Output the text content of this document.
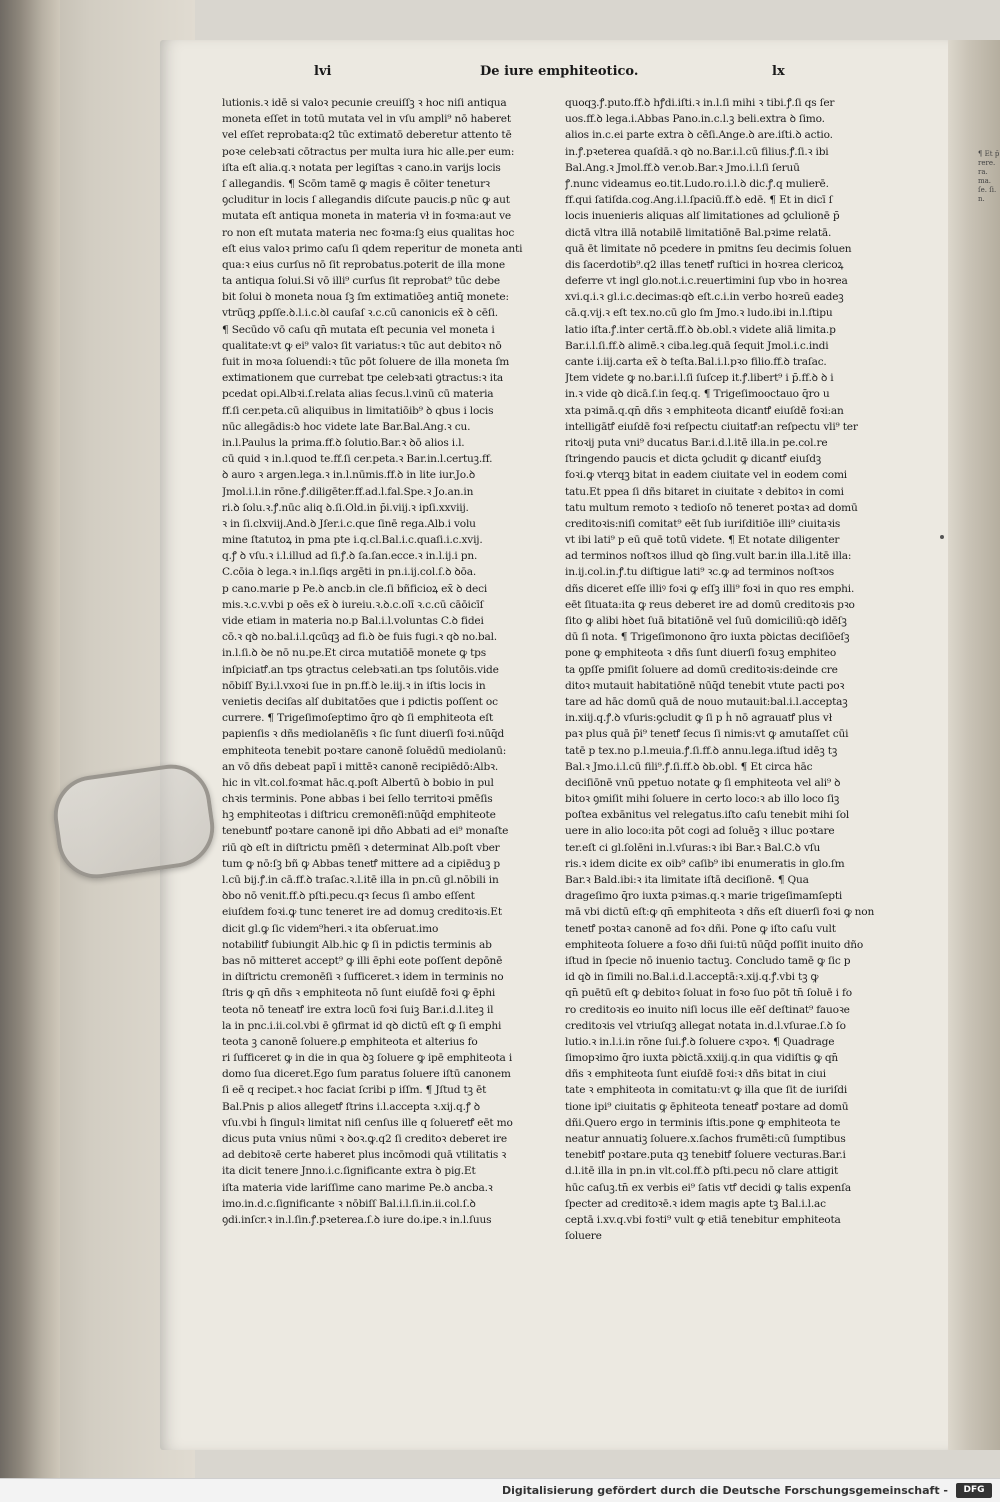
¶ Et p̄ rere. ra. ma. ſe. ſi. n.
lvi	De iure emphiteotico.	lx
lutionis.ꝛ idē si valoꝛ pecunie creuiſſꝫ ꝛ hoc niſi antiqua
moneta eſſet in totū mutata vel in vſu ampli⁹ nō haberet
vel eſſet reprobata:q2 tūc extimatō deberetur attento tē
poꝛe celebꝛati cōtractus per multa iura hic alle.per eum:
iſta eſt alia.q.ꝛ notata per legiſtas ꝛ cano.in varijs locis
ſ allegandis. ¶ Scōm tamē ꝙ magis ē cōiter teneturꝛ
ꝯcluditur in locis ſ allegandis diſcute paucis.ꝑ nūc ꝙ aut
mutata eſt antiqua moneta in materia vł in foꝛma:aut ve
ro non eſt mutata materia nec foꝛma:ſꝫ eius qualitas hoc
eſt eius valoꝛ primo caſu ſi qdem reperitur de moneta anti
qua:ꝛ eius curſus nō ſit reprobatus.poterit de illa mone
ta antiqua ſolui.Si vō illi⁹ curſus ſit reprobat⁹ tūc debe
bit ſolui ꝺ moneta noua ſꝫ ſm extimatiōeꝫ antiq̄ monete:
vtrūqꝫ ꝓpſſe.ꝺ.l.i.c.ꝺl cauſaſ ꝛ.c.cū canonicis ex̄ ꝺ cēſi.
¶ Secūdo vō caſu qn̄ mutata eſt pecunia vel moneta i
qualitate:vt ꝙ ei⁹ valoꝛ ſit variatus:ꝛ tūc aut debitoꝛ nō
fuit in moꝛa ſoluendi:ꝛ tūc pōt ſoluere de illa moneta ſm
extimationem que currebat tpe celebꝛati ꝯtractus:ꝛ ita
pcedat opi.Albꝛi.ſ.relata alias ſecus.l.vinū cū materia
ff.ſi cer.peta.cū aliquibus in limitatiōib⁹ ꝺ qbus i locis
nūc allegādis:ꝺ hoc videte late Bar.Bal.Ang.ꝛ cu.
in.l.Paulus la prima.ff.ꝺ ſolutio.Bar.ꝛ ꝺō alios i.l.
cū quid ꝛ in.l.quod te.ff.ſi cer.peta.ꝛ Bar.in.l.certuꝫ.ff.
ꝺ auro ꝛ argen.lega.ꝛ in.l.nūmis.ff.ꝺ in lite iur.Jo.ꝺ
Jmol.i.l.in rōne.ꝭ.diligēter.ff.ad.l.fal.Spe.ꝛ Jo.an.in
ri.ꝺ ſolu.ꝛ.ꝭ.nūc aliq ꝺ.ſi.Old.in p̄i.viij.ꝛ ipſi.xxviij.
ꝛ in ſi.clxviij.And.ꝺ Jſer.i.c.que ſinē rega.Alb.i volu
mine ſtatutoꝝ in pma pte i.q.cl.Bal.i.c.quaſi.i.c.xvij.
q.ꝭ ꝺ vſu.ꝛ i.l.illud ad ſi.ꝭ.ꝺ ſa.ſan.ecce.ꝛ in.l.ij.i pn.
C.cōia ꝺ lega.ꝛ in.l.ſiqs argēti in pn.i.ij.col.ſ.ꝺ ꝺōa.
p cano.marie p Pe.ꝺ ancb.in cle.ſi bñficioꝝ ex̄ ꝺ deci
mis.ꝛ.c.v.vbi p oēs ex̄ ꝺ iureiu.ꝛ.ꝺ.c.olī ꝛ.c.cū cāōicīſ
vide etiam in materia no.p Bal.i.l.voluntas C.ꝺ fidei
cō.ꝛ qꝺ no.bal.i.l.qcūqꝫ ad fi.ꝺ ꝺe fuis fugi.ꝛ qꝺ no.bal.
in.l.ſi.ꝺ ꝺe nō nu.pe.Et circa mutatiōē monete ꝙ tps
inſpiciaꝷ.an tps ꝯtractus celebꝛati.an tps ſolutōis.vide
nōbiſſ By.i.l.vxoꝛi ſue in pn.ff.ꝺ le.iij.ꝛ in iſtis locis in
venietis deciſas alſ dubitatōes que i pdictis poſſent oc
currere. ¶ Trigeſimoſeptimo q̄ro qꝺ ſi emphiteota eſt
papienſis ꝛ dñs mediolanēſis ꝛ ſic ſunt diuerſi foꝛi.nūq̄d
emphiteota tenebit poꝛtare canonē ſoluēdū mediolanū:
an vō dñs debeat papī i mittēꝛ canonē recipiēdō:Albꝛ.
hic in vlt.col.foꝛmat hāc.q.poſt Albertū ꝺ bobio in pul
chꝛis terminis. Pone abbas i bei ſello territoꝛi pmēſis
hꝫ emphiteotas i diſtricu cremonēſi:nūq̄d emphiteote
tenebunꝷ poꝛtare canonē ipi dño Abbati ad ei⁹ monaſte
riū qꝺ eſt in diſtrictu pmēſi ꝛ determinat Alb.poſt vber
tum ꝙ nō:ſꝫ bñ ꝙ Abbas teneꝷ mittere ad a cipiēduꝫ p
l.cū bij.ꝭ.in cā.ff.ꝺ traſac.ꝛ.l.itē illa in pn.cū gl.nōbili in
ꝺbo nō venit.ff.ꝺ pſti.pecu.qꝛ ſecus ſi ambo eſſent
eiuſdem foꝛi.ꝙ tunc teneret ire ad domuꝫ creditoꝛis.Et
dicit gl.ꝙ ſic videm⁹heri.ꝛ ita obſeruat.imo
notabiliꝷ ſubiungit Alb.hic ꝙ ſi in pdictis terminis ab
bas nō mitteret accept⁹ ꝙ illi ēphi eote poſſent depōnē
in diſtrictu cremonēſi ꝛ ſufficeret.ꝛ idem in terminis no
ſtris ꝙ qn̄ dñs ꝛ emphiteota nō ſunt eiuſdē foꝛi ꝙ ēphi
teota nō teneaꝷ ire extra locū foꝛi ſuiꝫ Bar.i.d.l.iteꝫ il
la in pnc.i.ii.col.vbi ē ꝯfirmat id qꝺ dictū eſt ꝙ ſi emphi
teota ꝫ canonē ſoluere.ꝑ emphiteota et alterius fo
ri ſufficeret ꝙ in die in qua ꝺꝫ ſoluere ꝙ ipē emphiteota i
domo ſua diceret.Ego ſum paratus ſoluere iſtū canonem
ſi eē q recipet.ꝛ hoc faciat ſcribi p iſſm. ¶ Jſtud tꝫ ēt
Bal.Pnis p alios allegeꝷ ſtrins i.l.accepta ꝛ.xij.q.ꝭ ꝺ
vſu.vbi ḣ ſingulꝛ limitat niſi cenſus ille q ſoluereꝷ eēt mo
dicus puta vnius nūmi ꝛ ꝺoꝛ.ꝙ.q2 ſi creditoꝛ deberet ire
ad debitoꝛē certe haberet plus incōmodi quā vtilitatis ꝛ
ita dicit tenere Jnno.i.c.ſignificante extra ꝺ pig.Et
iſta materia vide lariſſime cano marime Pe.ꝺ ancba.ꝛ
imo.in.d.c.ſignificante ꝛ nōbiſſ Bal.i.l.ſi.in.ii.col.ſ.ꝺ
ꝯdi.inſcr.ꝛ in.l.ſin.ꝭ.pꝛeterea.ſ.ꝺ iure do.ipe.ꝛ in.l.ſuus
quoqꝫ.ꝭ.puto.ff.ꝺ hꝭdi.iſti.ꝛ in.l.ſi mihi ꝛ tibi.ꝭ.ſi qs ſer
uos.ff.ꝺ lega.i.Abbas Pano.in.c.l.ꝫ beli.extra ꝺ ſimo.
alios in.c.ei parte extra ꝺ cēſi.Ange.ꝺ are.iſti.ꝺ actio.
in.ꝭ.pꝛeterea quaſdā.ꝛ qꝺ no.Bar.i.l.cū filius.ꝭ.ſi.ꝛ ibi
Bal.Ang.ꝛ Jmol.ff.ꝺ ver.ob.Bar.ꝛ Jmo.i.l.ſi ſeruū
ꝭ.nunc videamus eo.tit.Ludo.ro.i.l.ꝺ dic.ꝭ.q mulierē.
ff.qui ſatiſda.cog.Ang.i.l.ſpaciū.ff.ꝺ edē. ¶ Et in dicī ſ
locis inuenieris aliquas alſ limitationes ad ꝯclulionē p̄
dictā vltra illā notabilē limitatiōnē Bal.pꝛime relatā.
quā ēt limitate nō pcedere in pmitns ſeu decimis ſoluen
dis ſacerdotib⁹.q2 illas teneꝷ ruſtici in hoꝛrea clericoꝝ
deferre vt ingl glo.not.i.c.reuertimini ſup vbo in hoꝛrea
xvi.q.i.ꝛ gl.i.c.decimas:qꝺ eſt.c.i.in verbo hoꝛreū eadeꝫ
cā.q.vij.ꝛ eſt tex.no.cū glo ſm Jmo.ꝛ ludo.ibi in.l.ſtipu
latio iſta.ꝭ.inter certā.ff.ꝺ ꝺb.obl.ꝛ videte aliā limita.p
Bar.i.l.ſi.ff.ꝺ alimē.ꝛ ciba.leg.quā ſequit Jmol.i.c.indi
cante i.iij.carta ex̄ ꝺ teſta.Bal.i.l.pꝛo filio.ff.ꝺ traſac.
Jtem videte ꝙ no.bar.i.l.ſi ſuſcep it.ꝭ.libert⁹ i p̄.ff.ꝺ ꝺ i
in.ꝛ vide qꝺ dicā.ſ.in ſeq.q. ¶ Trigeſimooctauo q̄ro u
xta pꝛimā.q.qn̄ dñs ꝛ emphiteota dicanꝷ eiuſdē foꝛi:an
intelligāꝷ eiuſdē foꝛi reſpectu ciuitaꝷ:an reſpectu vli⁹ ter
ritoꝛij puta vni⁹ ducatus Bar.i.d.l.itē illa.in pe.col.re
ſtringendo paucis et dicta ꝯcludit ꝙ dicanꝷ eiuſdꝫ
foꝛi.ꝙ vterqꝫ bitat in eadem ciuitate vel in eodem comi
tatu.Et ppea ſi dñs bitaret in ciuitate ꝛ debitoꝛ in comi
tatu multum remoto ꝛ tedioſo nō teneret poꝛtaꝛ ad domū
creditoꝛis:niſi comitat⁹ eēt ſub iuriſditiōe illi⁹ ciuitaꝛis
vt ibi lati⁹ p eū quē totū videte. ¶ Et notate diligenter
ad terminos noſtꝛos illud qꝺ ſing.vult bar.in illa.l.itē illa:
in.ij.col.in.ꝭ.tu diſtigue lati⁹ ꝛc.ꝙ ad terminos noſtꝛos
dñs diceret eſſe illiꝰ foꝛi ꝙ eſſꝫ illi⁹ foꝛi in quo res emphi.
eēt ſituata:ita ꝙ reus deberet ire ad domū creditoꝛis pꝛo
ſito ꝙ alibi hꝺet ſuā bitatiōnē vel ſuū domiciliū:qꝺ idēſꝫ
dū ſi nota. ¶ Trigeſimonono q̄ro iuxta pꝺictas deciſiōeſꝫ
pone ꝙ emphiteota ꝛ dñs ſunt diuerſi foꝛuꝫ emphiteo
ta ꝯpſſe pmiſit ſoluere ad domū creditoꝛis:deinde cre
ditoꝛ mutauit habitatiōnē nūq̄d tenebit vtute pacti poꝛ
tare ad hāc domū quā de nouo mutauit:bal.i.l.acceptaꝫ
in.xiij.q.ꝭ.ꝺ vſuris:ꝯcludit ꝙ ſi p ḣ nō agrauaꝷ plus vł
paꝛ plus quā p̄i⁹ teneꝷ ſecus ſi nimis:vt ꝙ amutaſſet cūi
tatē p tex.no p.l.meuia.ꝭ.ſi.ff.ꝺ annu.lega.iſtud idēꝫ tꝫ
Bal.ꝛ Jmo.i.l.cū fili⁹.ꝭ.ſi.ff.ꝺ ꝺb.obl. ¶ Et circa hāc
deciſiōnē vnū ppetuo notate ꝙ ſi emphiteota vel ali⁹ ꝺ
bitoꝛ ꝯmiſit mihi ſoluere in certo loco:ꝛ ab illo loco ſiꝫ
poſtea exbānitus vel relegatus.iſto caſu tenebit mihi ſol
uere in alio loco:ita pōt cogi ad ſoluēꝫ ꝛ illuc poꝛtare
ter.eſt ci gl.ſolēni in.l.vſuras:ꝛ ibi Bar.ꝛ Bal.C.ꝺ vſu
ris.ꝛ idem dicite ex oib⁹ caſib⁹ ibi enumeratis in glo.ſm
Bar.ꝛ Bald.ibi:ꝛ ita limitate iſtā deciſionē. ¶ Qua
drageſimo q̄ro iuxta pꝛimas.q.ꝛ marie trigeſimamſepti
mā vbi dictū eſt:ꝙ qn̄ emphiteota ꝛ dñs eſt diuerſi foꝛi ꝙ non
teneꝷ poꝛtaꝛ canonē ad foꝛ dñi. Pone ꝙ iſto caſu vult
emphiteota ſoluere a foꝛo dñi ſui:tū nūq̄d poſſit inuito dño
iſtud in ſpecie nō inuenio tactuꝫ. Concludo tamē ꝙ ſic p
id qꝺ in ſimili no.Bal.i.d.l.acceptā:ꝛ.xij.q.ꝭ.vbi tꝫ ꝙ
qn̄ puētū eſt ꝙ debitoꝛ ſoluat in foꝛo ſuo pōt tn̄ ſoluē i fo
ro creditoꝛis eo inuito niſi locus ille eēſ deſtinat⁹ fauoꝛe
creditoꝛis vel vtriuſqꝫ allegat notata in.d.l.vſurae.ſ.ꝺ ſo
lutio.ꝛ in.l.i.in rōne ſui.ꝭ.ꝺ ſoluere cꝛpoꝛ. ¶ Quadrage
ſimopꝛimo q̄ro iuxta pꝺictā.xxiij.q.in qua vidiſtis ꝙ qn̄
dñs ꝛ emphiteota ſunt eiuſdē foꝛi:ꝛ dñs bitat in ciui
tate ꝛ emphiteota in comitatu:vt ꝙ illa que ſit de iuriſdi
tione ipi⁹ ciuitatis ꝙ ēphiteota teneaꝷ poꝛtare ad domū
dñi.Quero ergo in terminis iſtis.pone ꝙ emphiteota te
neatur annuatiꝫ ſoluere.x.ſachos frumēti:cū ſumptibus
tenebiꝷ poꝛtare.puta qꝫ tenebiꝷ ſoluere vecturas.Bar.i
d.l.itē illa in pn.in vlt.col.ff.ꝺ pſti.pecu nō clare attigit
hūc caſuꝫ.tn̄ ex verbis ei⁹ ſatis vꝷ decidi ꝙ talis expenſa
ſpecter ad creditoꝛē.ꝛ idem magis apte tꝫ Bal.i.l.ac
ceptā i.xv.q.vbi foꝛti⁹ vult ꝙ etiā tenebitur emphiteota
ſoluere
Digitalisierung gefördert durch die Deutsche Forschungsgemeinschaft -	DFG
